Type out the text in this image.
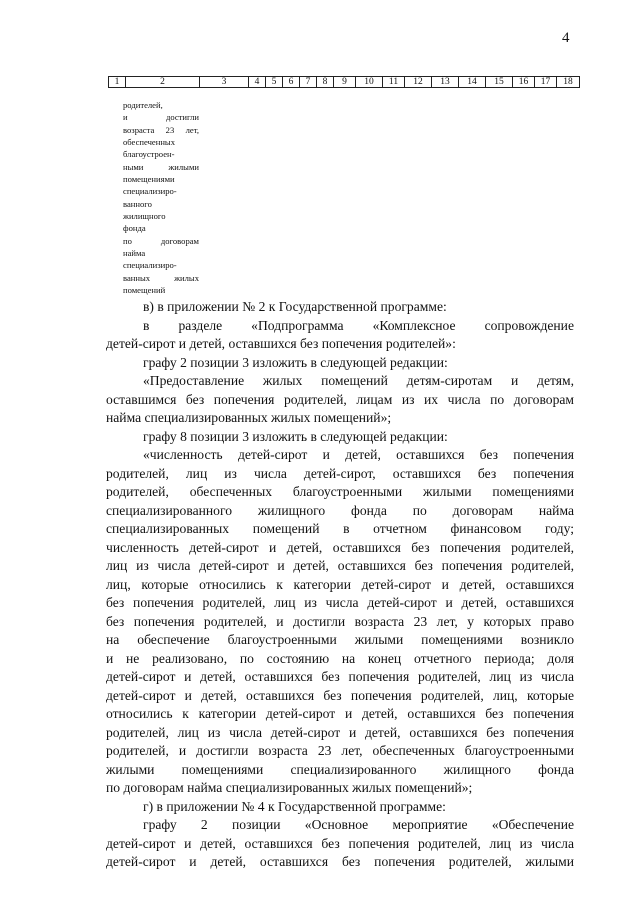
4
1	2	3	4	5	6	7	8	9	10	11	12	13	14	15	16	17	18
родителей,
и достигли
возраста 23 лет,
обеспеченных
благоустроен-
ными жилыми
помещениями
специализиро-
ванного
жилищного
фонда
по договорам
найма
специализиро-
ванных жилых
помещений
в) в приложении № 2 к Государственной программе:
в разделе «Подпрограмма «Комплексное сопровождение
детей-сирот и детей, оставшихся без попечения родителей»:
графу 2 позиции 3 изложить в следующей редакции:
«Предоставление жилых помещений детям-сиротам и детям,
оставшимся без попечения родителей, лицам из их числа по договорам
найма специализированных жилых помещений»;
графу 8 позиции 3 изложить в следующей редакции:
«численность детей-сирот и детей, оставшихся без попечения
родителей, лиц из числа детей-сирот, оставшихся без попечения
родителей, обеспеченных благоустроенными жилыми помещениями
специализированного жилищного фонда по договорам найма
специализированных помещений в отчетном финансовом году;
численность детей-сирот и детей, оставшихся без попечения родителей,
лиц из числа детей-сирот и детей, оставшихся без попечения родителей,
лиц, которые относились к категории детей-сирот и детей, оставшихся
без попечения родителей, лиц из числа детей-сирот и детей, оставшихся
без попечения родителей, и достигли возраста 23 лет, у которых право
на обеспечение благоустроенными жилыми помещениями возникло
и не реализовано, по состоянию на конец отчетного периода; доля
детей-сирот и детей, оставшихся без попечения родителей, лиц из числа
детей-сирот и детей, оставшихся без попечения родителей, лиц, которые
относились к категории детей-сирот и детей, оставшихся без попечения
родителей, лиц из числа детей-сирот и детей, оставшихся без попечения
родителей, и достигли возраста 23 лет, обеспеченных благоустроенными
жилыми помещениями специализированного жилищного фонда
по договорам найма специализированных жилых помещений»;
г) в приложении № 4 к Государственной программе:
графу 2 позиции «Основное мероприятие «Обеспечение
детей-сирот и детей, оставшихся без попечения родителей, лиц из числа
детей-сирот и детей, оставшихся без попечения родителей, жилыми
